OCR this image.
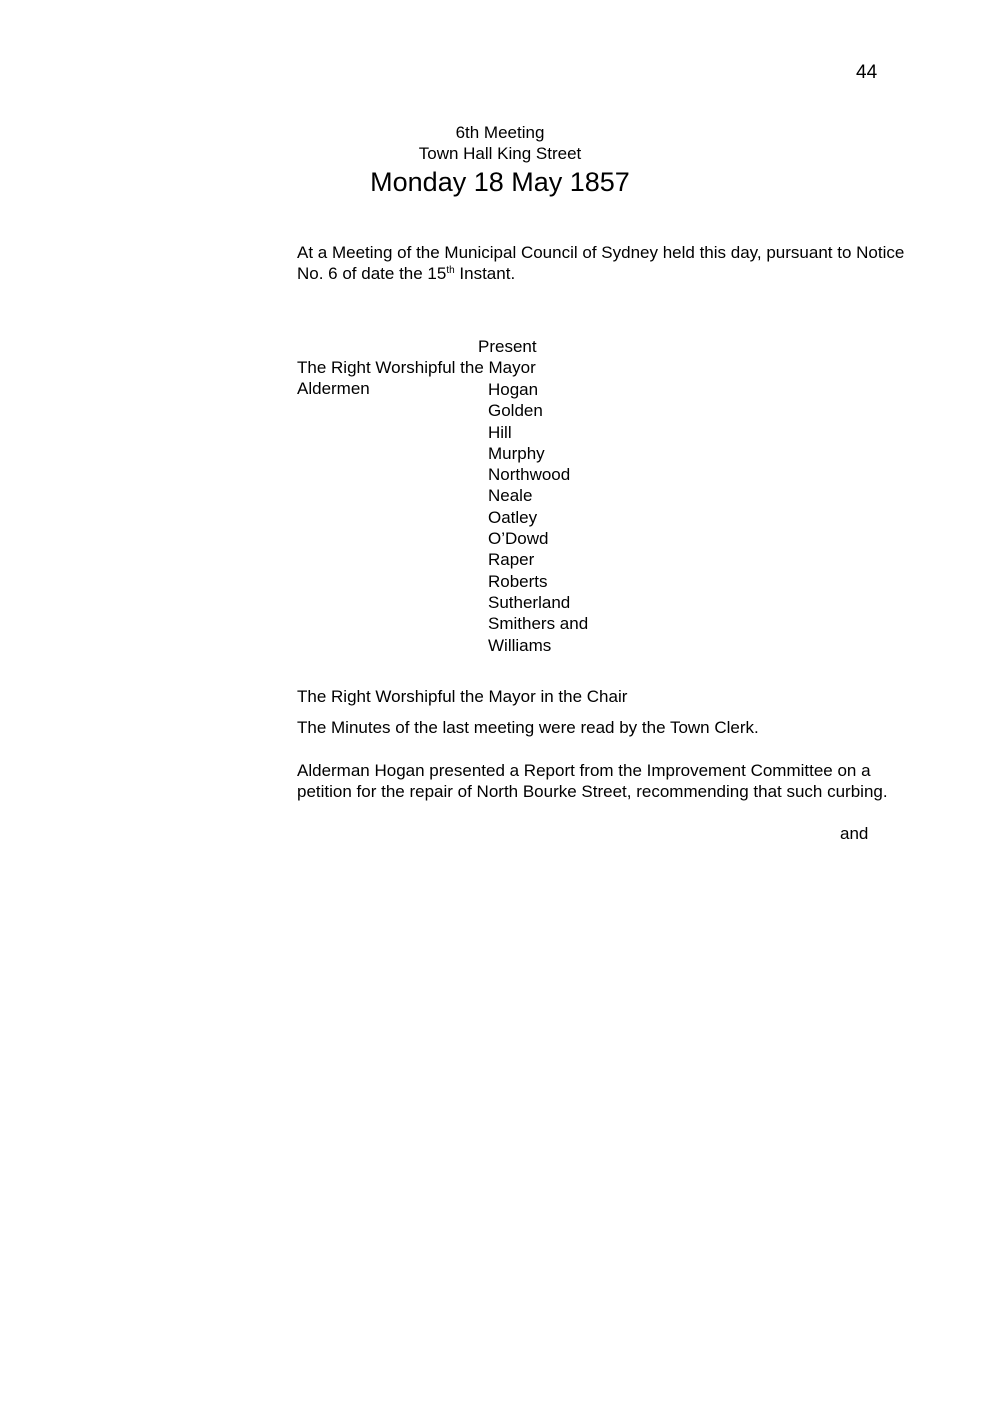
44
6th Meeting
Town Hall King Street
Monday 18 May 1857
At a Meeting of the Municipal Council of Sydney held this day, pursuant to Notice No. 6 of date the 15th Instant.
Present
The Right Worshipful the Mayor
Aldermen	Hogan
Golden
Hill
Murphy
Northwood
Neale
Oatley
O’Dowd
Raper
Roberts
Sutherland
Smithers and
Williams
The Right Worshipful the Mayor in the Chair
The Minutes of the last meeting were read by the Town Clerk.
Alderman Hogan presented a Report from the Improvement Committee on a petition for the repair of North Bourke Street, recommending that such curbing.
and
